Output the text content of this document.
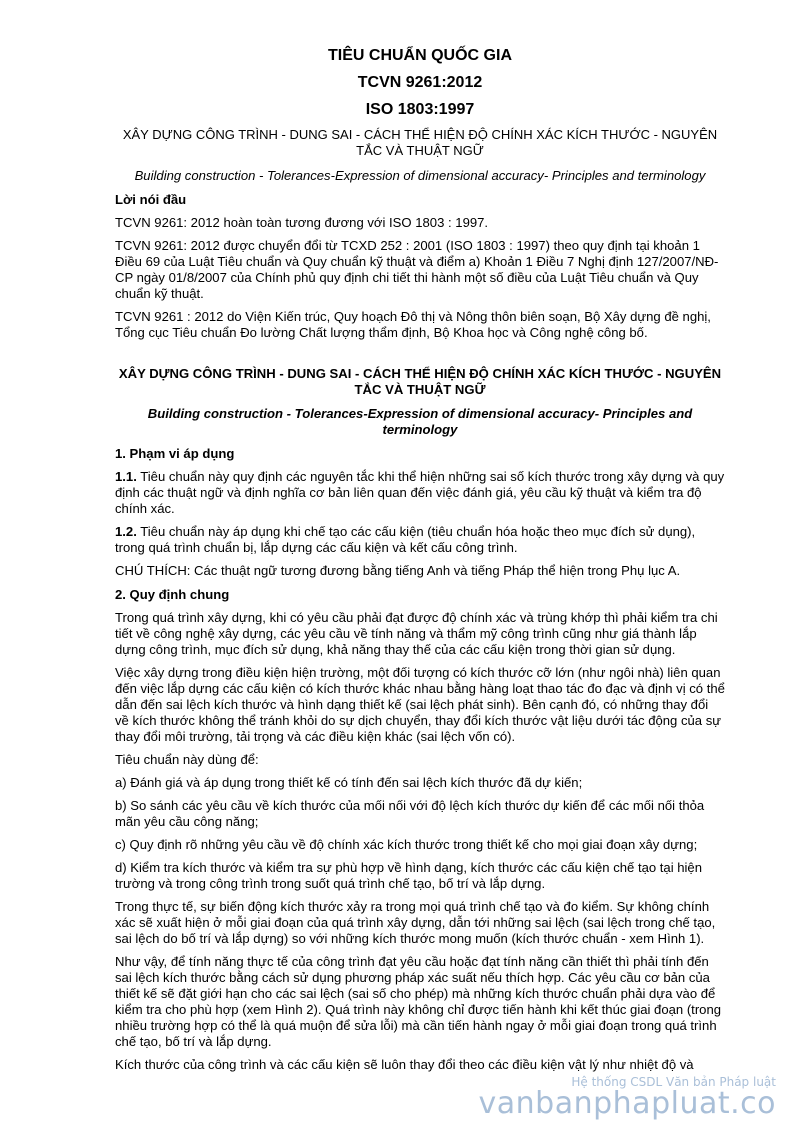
TIÊU CHUẨN QUỐC GIA
TCVN 9261:2012
ISO 1803:1997
XÂY DỰNG CÔNG TRÌNH - DUNG SAI - CÁCH THỂ HIỆN ĐỘ CHÍNH XÁC KÍCH THƯỚC - NGUYÊN TẮC VÀ THUẬT NGỮ
Building construction - Tolerances-Expression of dimensional accuracy- Principles and terminology
Lời nói đầu

TCVN 9261: 2012 hoàn toàn tương đương với ISO 1803 : 1997.

TCVN 9261: 2012 được chuyển đổi từ TCXD 252 : 2001 (ISO 1803 : 1997) theo quy định tại khoản 1 Điều 69 của Luật Tiêu chuẩn và Quy chuẩn kỹ thuật và điểm a) Khoản 1 Điều 7 Nghị định 127/2007/NĐ-CP ngày 01/8/2007 của Chính phủ quy định chi tiết thi hành một số điều của Luật Tiêu chuẩn và Quy chuẩn kỹ thuật.

TCVN 9261 : 2012 do Viện Kiến trúc, Quy hoạch Đô thị và Nông thôn biên soạn, Bộ Xây dựng đề nghị, Tổng cục Tiêu chuẩn Đo lường Chất lượng thẩm định, Bộ Khoa học và Công nghệ công bố.

XÂY DỰNG CÔNG TRÌNH - DUNG SAI - CÁCH THỂ HIỆN ĐỘ CHÍNH XÁC KÍCH THƯỚC - NGUYÊN TẮC VÀ THUẬT NGỮ
Building construction - Tolerances-Expression of dimensional accuracy- Principles and terminology
1. Phạm vi áp dụng

1.1. Tiêu chuẩn này quy định các nguyên tắc khi thể hiện những sai số kích thước trong xây dựng và quy định các thuật ngữ và định nghĩa cơ bản liên quan đến việc đánh giá, yêu cầu kỹ thuật và kiểm tra độ chính xác.

1.2. Tiêu chuẩn này áp dụng khi chế tạo các cấu kiện (tiêu chuẩn hóa hoặc theo mục đích sử dụng), trong quá trình chuẩn bị, lắp dựng các cấu kiện và kết cấu công trình.

CHÚ THÍCH: Các thuật ngữ tương đương bằng tiếng Anh và tiếng Pháp thể hiện trong Phụ lục A.

2. Quy định chung

Trong quá trình xây dựng, khi có yêu cầu phải đạt được độ chính xác và trùng khớp thì phải kiểm tra chi tiết về công nghệ xây dựng, các yêu cầu về tính năng và thẩm mỹ công trình cũng như giá thành lắp dựng công trình, mục đích sử dụng, khả năng thay thế của các cấu kiện trong thời gian sử dụng.

Việc xây dựng trong điều kiện hiện trường, một đối tượng có kích thước cỡ lớn (như ngôi nhà) liên quan đến việc lắp dựng các cấu kiện có kích thước khác nhau bằng hàng loạt thao tác đo đạc và định vị có thể dẫn đến sai lệch kích thước và hình dạng thiết kế (sai lệch phát sinh). Bên cạnh đó, có những thay đổi về kích thước không thể tránh khỏi do sự dịch chuyển, thay đổi kích thước vật liệu dưới tác động của sự thay đổi môi trường, tải trọng và các điều kiện khác (sai lệch vốn có).

Tiêu chuẩn này dùng để:

a) Đánh giá và áp dụng trong thiết kế có tính đến sai lệch kích thước đã dự kiến;

b) So sánh các yêu cầu về kích thước của mối nối với độ lệch kích thước dự kiến để các mối nối thỏa mãn yêu cầu công năng;

c) Quy định rõ những yêu cầu về độ chính xác kích thước trong thiết kế cho mọi giai đoạn xây dựng;

d) Kiểm tra kích thước và kiểm tra sự phù hợp về hình dạng, kích thước các cấu kiện chế tạo tại hiện trường và trong công trình trong suốt quá trình chế tạo, bố trí và lắp dựng.

Trong thực tế, sự biến động kích thước xảy ra trong mọi quá trình chế tạo và đo kiểm. Sự không chính xác sẽ xuất hiện ở mỗi giai đoạn của quá trình xây dựng, dẫn tới những sai lệch (sai lệch trong chế tạo, sai lệch do bố trí và lắp dựng) so với những kích thước mong muốn (kích thước chuẩn - xem Hình 1).

Như vậy, để tính năng thực tế của công trình đạt yêu cầu hoặc đạt tính năng cần thiết thì phải tính đến sai lệch kích thước bằng cách sử dụng phương pháp xác suất nếu thích hợp. Các yêu cầu cơ bản của thiết kế sẽ đặt giới hạn cho các sai lệch (sai số cho phép) mà những kích thước chuẩn phải dựa vào để kiểm tra cho phù hợp (xem Hình 2). Quá trình này không chỉ được tiến hành khi kết thúc giai đoạn (trong nhiều trường hợp có thể là quá muộn để sửa lỗi) mà cần tiến hành ngay ở mỗi giai đoạn trong quá trình chế tạo, bố trí và lắp dựng.

Kích thước của công trình và các cấu kiện sẽ luôn thay đổi theo các điều kiện vật lý như nhiệt độ và

Hệ thống CSDL Văn bản Pháp luật
vanbanphapluat.co
